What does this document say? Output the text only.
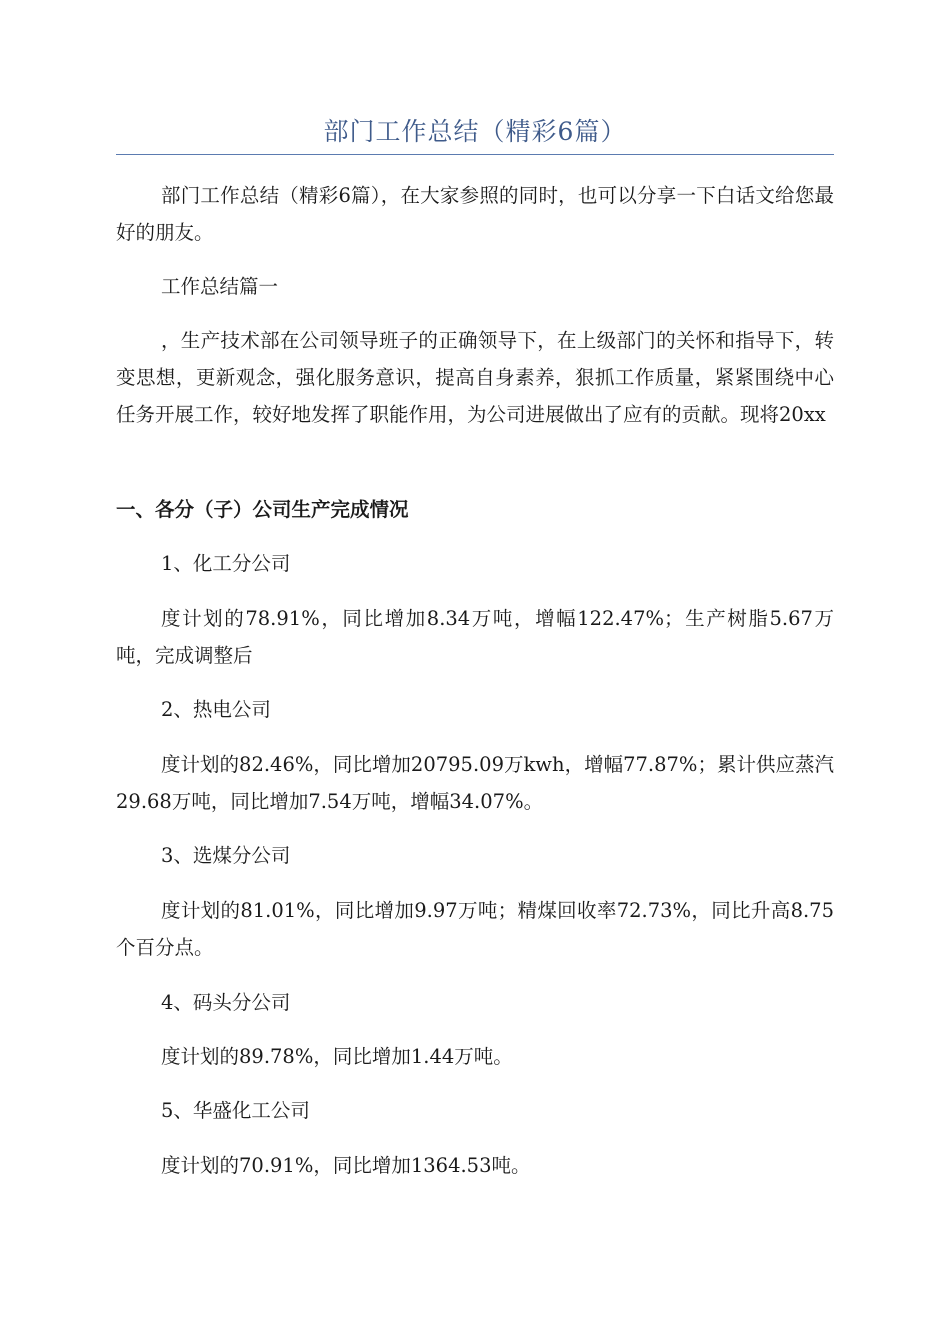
部门工作总结（精彩6篇）

部门工作总结（精彩6篇），在大家参照的同时，也可以分享一下白话文给您最好的朋友。

工作总结篇一

，生产技术部在公司领导班子的正确领导下，在上级部门的关怀和指导下，转变思想，更新观念，强化服务意识，提高自身素养，狠抓工作质量，紧紧围绕中心任务开展工作，较好地发挥了职能作用，为公司进展做出了应有的贡献。现将20xx

一、各分（子）公司生产完成情况

1、化工分公司

度计划的78.91%，同比增加8.34万吨，增幅122.47%；生产树脂5.67万吨，完成调整后

2、热电公司

度计划的82.46%，同比增加20795.09万kwh，增幅77.87%；累计供应蒸汽29.68万吨，同比增加7.54万吨，增幅34.07%。

3、选煤分公司

度计划的81.01%，同比增加9.97万吨；精煤回收率72.73%，同比升高8.75个百分点。

4、码头分公司

度计划的89.78%，同比增加1.44万吨。

5、华盛化工公司

度计划的70.91%，同比增加1364.53吨。
